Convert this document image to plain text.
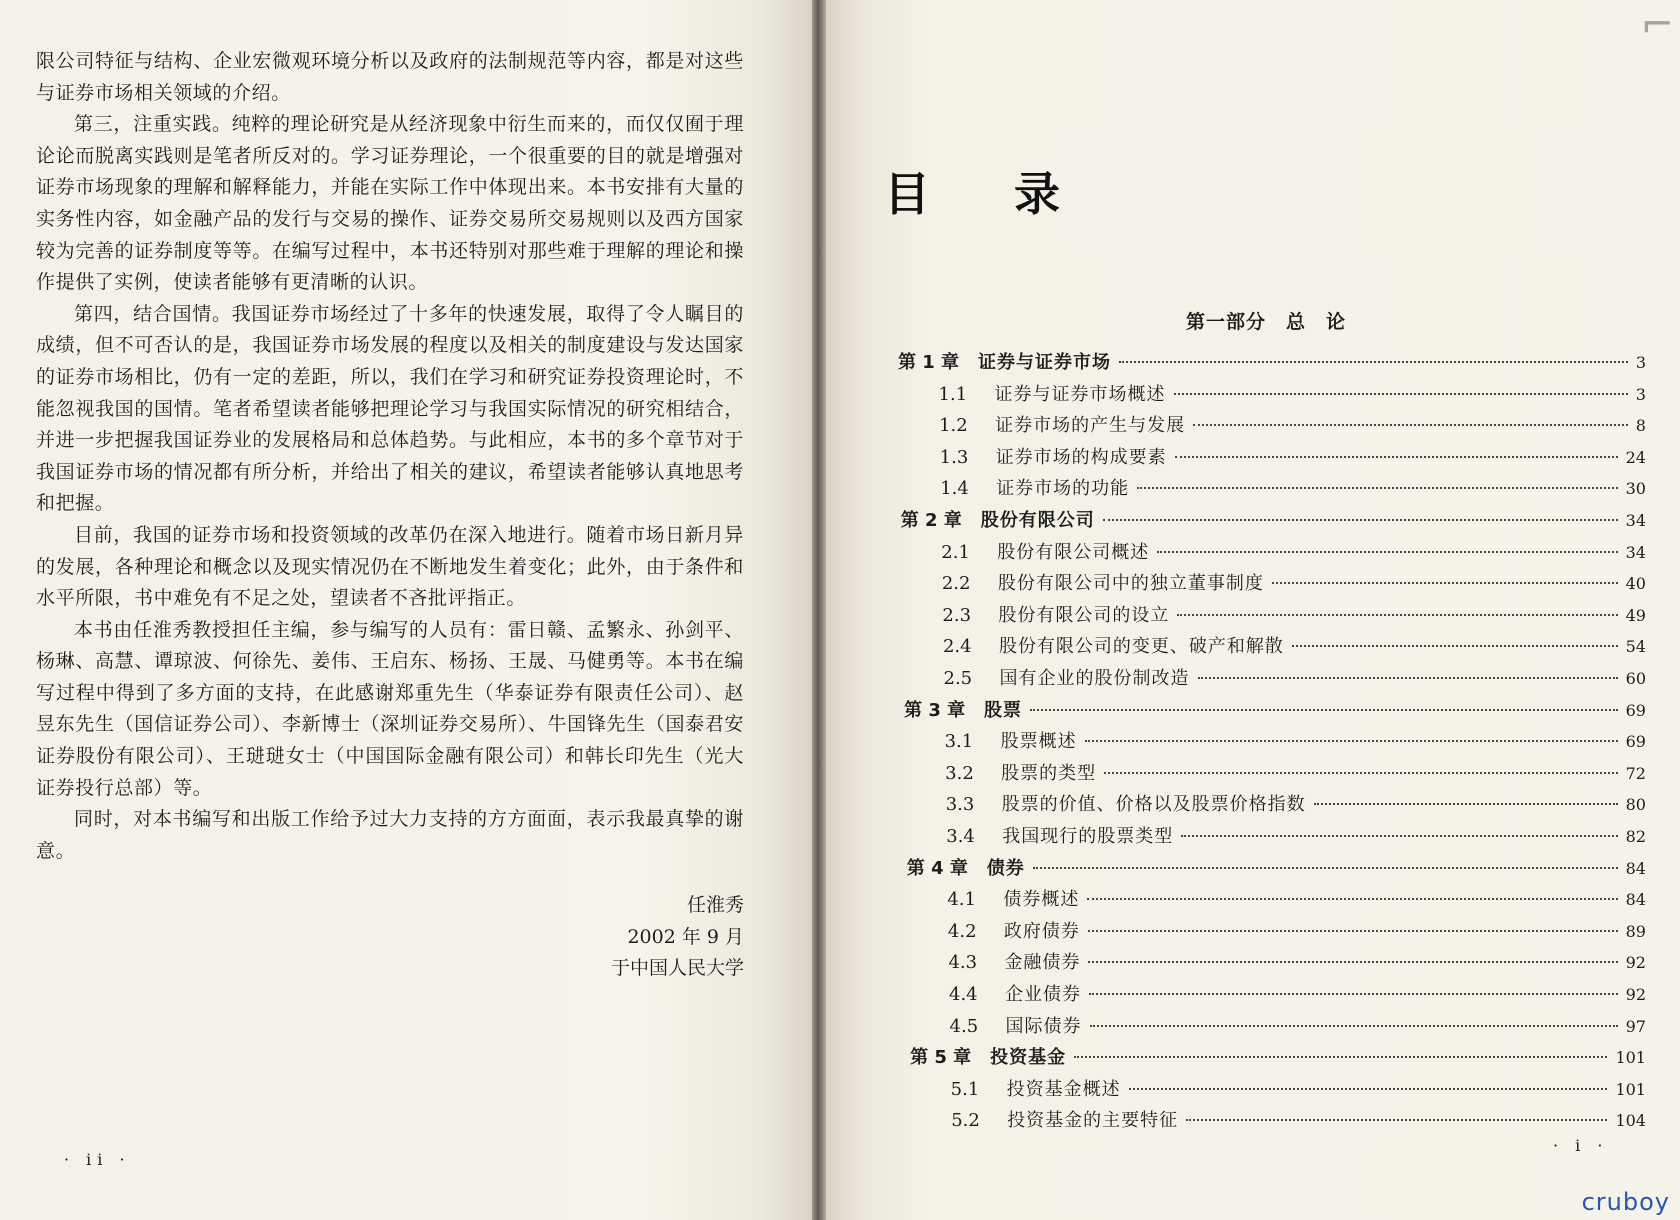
限公司特征与结构、企业宏微观环境分析以及政府的法制规范等内容，都是对这些与证券市场相关领域的介绍。

第三，注重实践。纯粹的理论研究是从经济现象中衍生而来的，而仅仅囿于理论论而脱离实践则是笔者所反对的。学习证券理论，一个很重要的目的就是增强对证券市场现象的理解和解释能力，并能在实际工作中体现出来。本书安排有大量的实务性内容，如金融产品的发行与交易的操作、证券交易所交易规则以及西方国家较为完善的证券制度等等。在编写过程中，本书还特别对那些难于理解的理论和操作提供了实例，使读者能够有更清晰的认识。

第四，结合国情。我国证券市场经过了十多年的快速发展，取得了令人瞩目的成绩，但不可否认的是，我国证券市场发展的程度以及相关的制度建设与发达国家的证券市场相比，仍有一定的差距，所以，我们在学习和研究证券投资理论时，不能忽视我国的国情。笔者希望读者能够把理论学习与我国实际情况的研究相结合，并进一步把握我国证券业的发展格局和总体趋势。与此相应，本书的多个章节对于我国证券市场的情况都有所分析，并给出了相关的建议，希望读者能够认真地思考和把握。

目前，我国的证券市场和投资领域的改革仍在深入地进行。随着市场日新月异的发展，各种理论和概念以及现实情况仍在不断地发生着变化；此外，由于条件和水平所限，书中难免有不足之处，望读者不吝批评指正。

本书由任淮秀教授担任主编，参与编写的人员有：雷日赣、孟繁永、孙剑平、杨琳、高慧、谭琼波、何徐先、姜伟、王启东、杨扬、王晟、马健勇等。本书在编写过程中得到了多方面的支持，在此感谢郑重先生（华泰证券有限责任公司）、赵昱东先生（国信证券公司）、李新博士（深圳证券交易所）、牛国锋先生（国泰君安证券股份有限公司）、王琎琎女士（中国国际金融有限公司）和韩长印先生（光大证券投行总部）等。

同时，对本书编写和出版工作给予过大力支持的方方面面，表示我最真挚的谢意。

任淮秀
2002 年 9 月
于中国人民大学
· ii ·
⌐
目 录
第一部分　总　论
第 1 章	证券与证券市场	3
1.1	证券与证券市场概述	3
1.2	证券市场的产生与发展	8
1.3	证券市场的构成要素	24
1.4	证券市场的功能	30
第 2 章	股份有限公司	34
2.1	股份有限公司概述	34
2.2	股份有限公司中的独立董事制度	40
2.3	股份有限公司的设立	49
2.4	股份有限公司的变更、破产和解散	54
2.5	国有企业的股份制改造	60
第 3 章	股票	69
3.1	股票概述	69
3.2	股票的类型	72
3.3	股票的价值、价格以及股票价格指数	80
3.4	我国现行的股票类型	82
第 4 章	债券	84
4.1	债券概述	84
4.2	政府债券	89
4.3	金融债券	92
4.4	企业债券	92
4.5	国际债券	97
第 5 章	投资基金	101
5.1	投资基金概述	101
5.2	投资基金的主要特征	104
· i ·
cruboy
